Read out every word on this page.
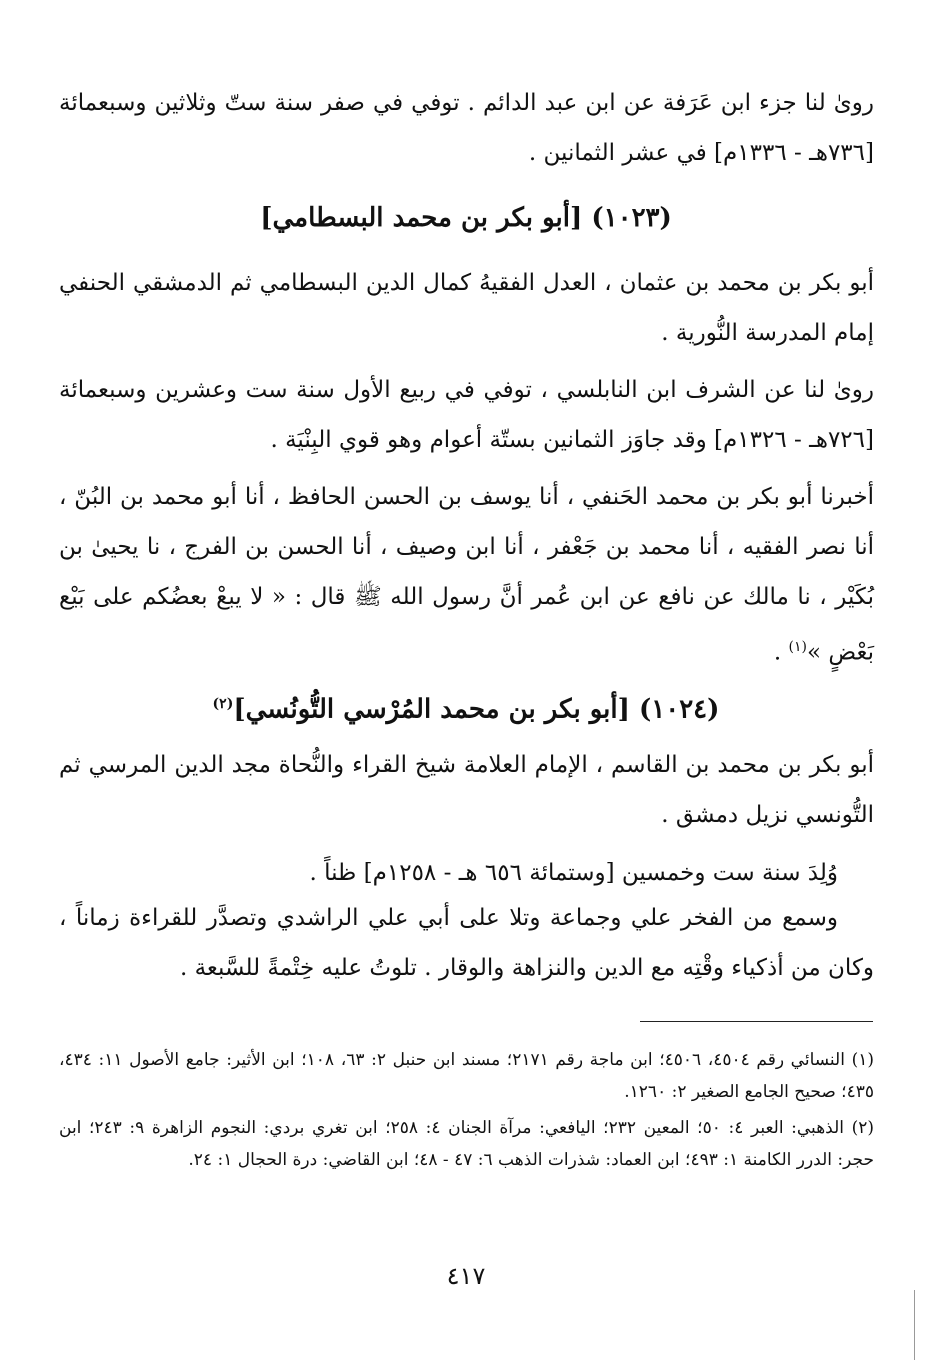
روىٰ لنا جزء ابن عَرَفة عن ابن عبد الدائم . توفي في صفر سنة ستّ وثلاثين وسبعمائة [٧٣٦هـ - ١٣٣٦م] في عشر الثمانين .

(١٠٢٣) [أبو بكر بن محمد البسطامي]

أبو بكر بن محمد بن عثمان ، العدل الفقيهُ كمال الدين البسطامي ثم الدمشقي الحنفي إمام المدرسة النُّورية .

روىٰ لنا عن الشرف ابن النابلسي ، توفي في ربيع الأول سنة ست وعشرين وسبعمائة [٧٢٦هـ - ١٣٢٦م] وقد جاوَز الثمانين بستّة أعوام وهو قوي البِنْيَة .

أخبرنا أبو بكر بن محمد الحَنفي ، أنا يوسف بن الحسن الحافظ ، أنا أبو محمد بن البُنّ ، أنا نصر الفقيه ، أنا محمد بن جَعْفر ، أنا ابن وصيف ، أنا الحسن بن الفرج ، نا يحيىٰ بن بُكَيْر ، نا مالك عن نافع عن ابن عُمر أنَّ رسول الله ﷺ قال : « لا يبعْ بعضُكم على بَيْع بَعْضٍ »$^{(١)}$ .

(١٠٢٤) [أبو بكر بن محمد المُرْسي التُّونُسي]$^{(٢)}$

أبو بكر بن محمد بن القاسم ، الإمام العلامة شيخ القراء والنُّحاة مجد الدين المرسي ثم التُّونسي نزيل دمشق .

وُلِدَ سنة ست وخمسين [وستمائة ٦٥٦ هـ - ١٢٥٨م] ظناً .

وسمع من الفخر علي وجماعة وتلا على أبي علي الراشدي وتصدَّر للقراءة زماناً ، وكان من أذكياء وقْتِه مع الدين والنزاهة والوقار . تلوتُ عليه خِتْمةً للسَّبعة .

(١) النسائي رقم ٤٥٠٤، ٤٥٠٦؛ ابن ماجة رقم ٢١٧١؛ مسند ابن حنبل ٢: ٦٣، ١٠٨؛ ابن الأثير: جامع الأصول ١١: ٤٣٤، ٤٣٥؛ صحيح الجامع الصغير ٢: ١٢٦٠.

(٢) الذهبي: العبر ٤: ٥٠؛ المعين ٢٣٢؛ اليافعي: مرآة الجنان ٤: ٢٥٨؛ ابن تغري بردي: النجوم الزاهرة ٩: ٢٤٣؛ ابن حجر: الدرر الكامنة ١: ٤٩٣؛ ابن العماد: شذرات الذهب ٦: ٤٧ - ٤٨؛ ابن القاضي: درة الحجال ١: ٢٤.

٤١٧
